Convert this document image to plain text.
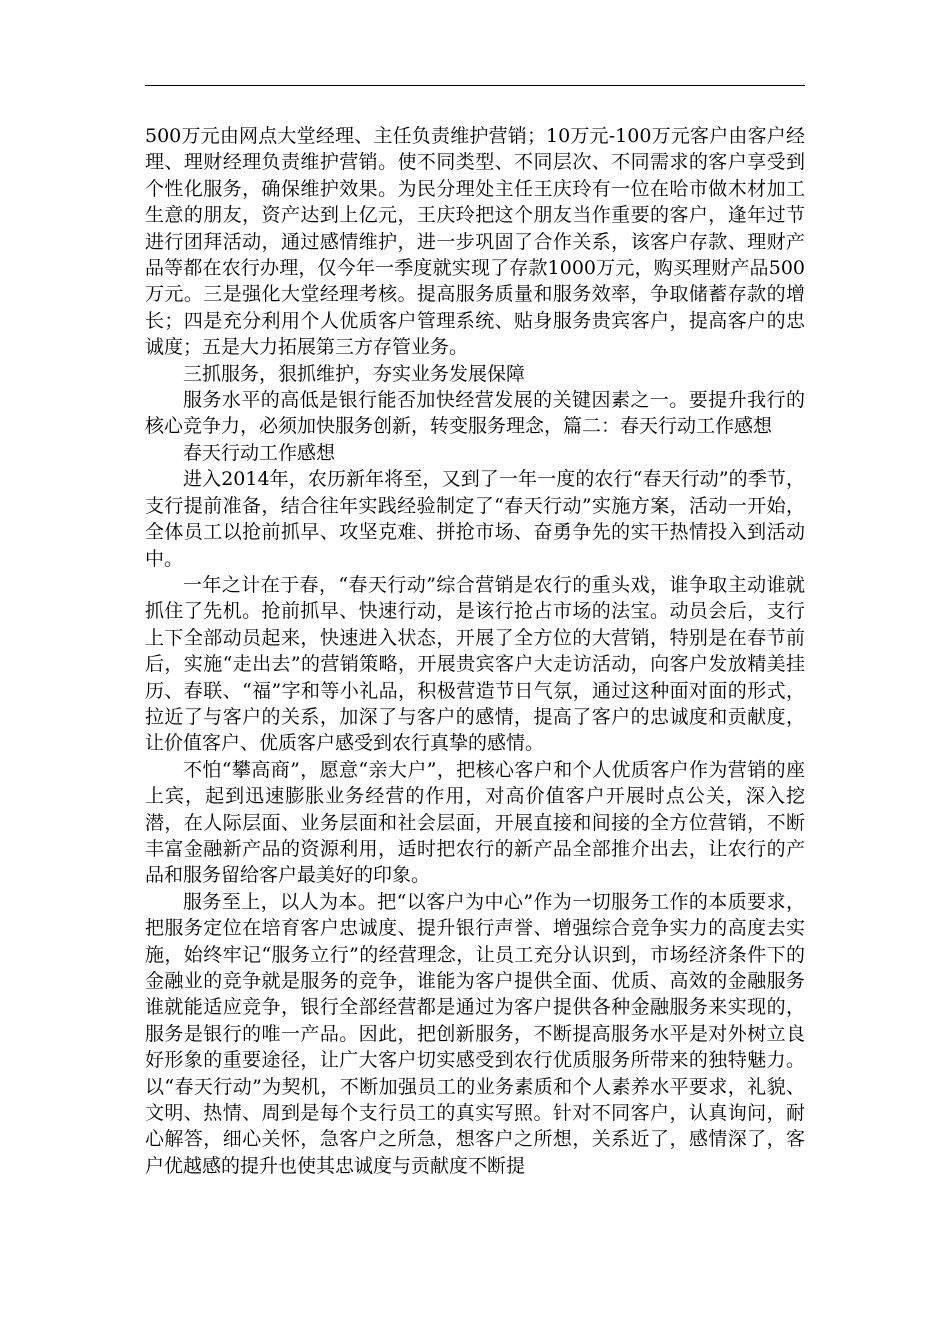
500万元由网点大堂经理、主任负责维护营销；10万元-100万元客户由客户经理、理财经理负责维护营销。使不同类型、不同层次、不同需求的客户享受到个性化服务，确保维护效果。为民分理处主任王庆玲有一位在哈市做木材加工生意的朋友，资产达到上亿元，王庆玲把这个朋友当作重要的客户，逢年过节进行团拜活动，通过感情维护，进一步巩固了合作关系，该客户存款、理财产品等都在农行办理，仅今年一季度就实现了存款1000万元，购买理财产品500万元。三是强化大堂经理考核。提高服务质量和服务效率，争取储蓄存款的增长；四是充分利用个人优质客户管理系统、贴身服务贵宾客户，提高客户的忠诚度；五是大力拓展第三方存管业务。

三抓服务，狠抓维护，夯实业务发展保障

服务水平的高低是银行能否加快经营发展的关键因素之一。要提升我行的核心竞争力，必须加快服务创新，转变服务理念，篇二：春天行动工作感想

春天行动工作感想

进入2014年，农历新年将至，又到了一年一度的农行“春天行动”的季节，支行提前准备，结合往年实践经验制定了“春天行动”实施方案，活动一开始，全体员工以抢前抓早、攻坚克难、拼抢市场、奋勇争先的实干热情投入到活动中。

一年之计在于春，“春天行动”综合营销是农行的重头戏，谁争取主动谁就抓住了先机。抢前抓早、快速行动，是该行抢占市场的法宝。动员会后，支行上下全部动员起来，快速进入状态，开展了全方位的大营销，特别是在春节前后，实施“走出去”的营销策略，开展贵宾客户大走访活动，向客户发放精美挂历、春联、“福”字和等小礼品，积极营造节日气氛，通过这种面对面的形式，拉近了与客户的关系，加深了与客户的感情，提高了客户的忠诚度和贡献度，让价值客户、优质客户感受到农行真挚的感情。

不怕“攀高商”，愿意“亲大户”，把核心客户和个人优质客户作为营销的座上宾，起到迅速膨胀业务经营的作用，对高价值客户开展时点公关，深入挖潜，在人际层面、业务层面和社会层面，开展直接和间接的全方位营销，不断丰富金融新产品的资源利用，适时把农行的新产品全部推介出去，让农行的产品和服务留给客户最美好的印象。

服务至上，以人为本。把“以客户为中心”作为一切服务工作的本质要求，把服务定位在培育客户忠诚度、提升银行声誉、增强综合竞争实力的高度去实施，始终牢记“服务立行”的经营理念，让员工充分认识到，市场经济条件下的金融业的竞争就是服务的竞争，谁能为客户提供全面、优质、高效的金融服务谁就能适应竞争，银行全部经营都是通过为客户提供各种金融服务来实现的，服务是银行的唯一产品。因此，把创新服务，不断提高服务水平是对外树立良好形象的重要途径，让广大客户切实感受到农行优质服务所带来的独特魅力。以“春天行动”为契机，不断加强员工的业务素质和个人素养水平要求，礼貌、文明、热情、周到是每个支行员工的真实写照。针对不同客户，认真询问，耐心解答，细心关怀，急客户之所急，想客户之所想，关系近了，感情深了，客户优越感的提升也使其忠诚度与贡献度不断提
